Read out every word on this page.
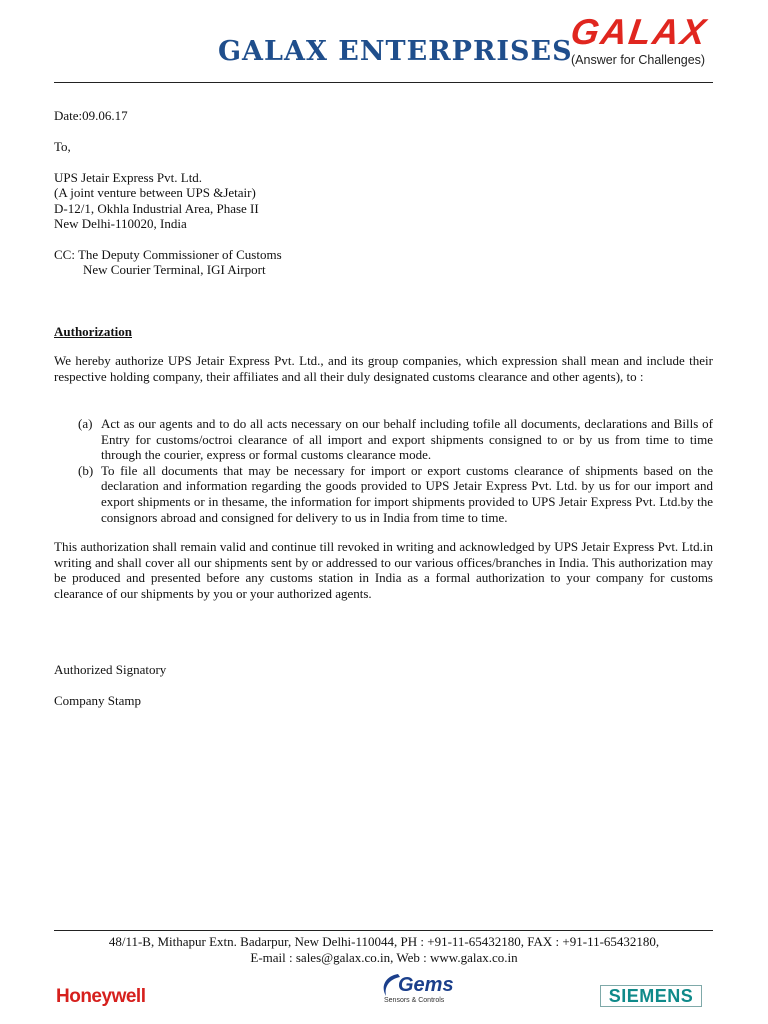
GALAX ENTERPRISES
GALAX
(Answer for Challenges)
Date:09.06.17
To,
UPS Jetair Express Pvt. Ltd.
(A joint venture between UPS &Jetair)
D-12/1, Okhla Industrial Area, Phase II
New Delhi-110020, India
CC: The Deputy Commissioner of Customs
New Courier Terminal, IGI Airport
Authorization
We hereby authorize UPS Jetair Express Pvt. Ltd., and its group companies, which expression shall mean and include their respective holding company, their affiliates and all their duly designated customs clearance and other agents), to :
(a) Act as our agents and to do all acts necessary on our behalf including tofile all documents, declarations and Bills of Entry for customs/octroi clearance of all import and export shipments consigned to or by us from time to time through the courier, express or formal customs clearance mode.
(b) To file all documents that may be necessary for import or export customs clearance of shipments based on the declaration and information regarding the goods provided to UPS Jetair Express Pvt. Ltd. by us for our import and export shipments or in thesame, the information for import shipments provided to UPS Jetair Express Pvt. Ltd.by the consignors abroad and consigned for delivery to us in India from time to time.
This authorization shall remain valid and continue till revoked in writing and acknowledged by UPS Jetair Express Pvt. Ltd.in writing and shall cover all our shipments sent by or addressed to our various offices/branches in India. This authorization may be produced and presented before any customs station in India as a formal authorization to your company for customs clearance of our shipments by you or your authorized agents.
Authorized Signatory
Company Stamp
48/11-B, Mithapur Extn. Badarpur, New Delhi-110044, PH : +91-11-65432180, FAX : +91-11-65432180,
E-mail : sales@galax.co.in, Web : www.galax.co.in
Honeywell
Gems
Sensors & Controls	SIEMENS
